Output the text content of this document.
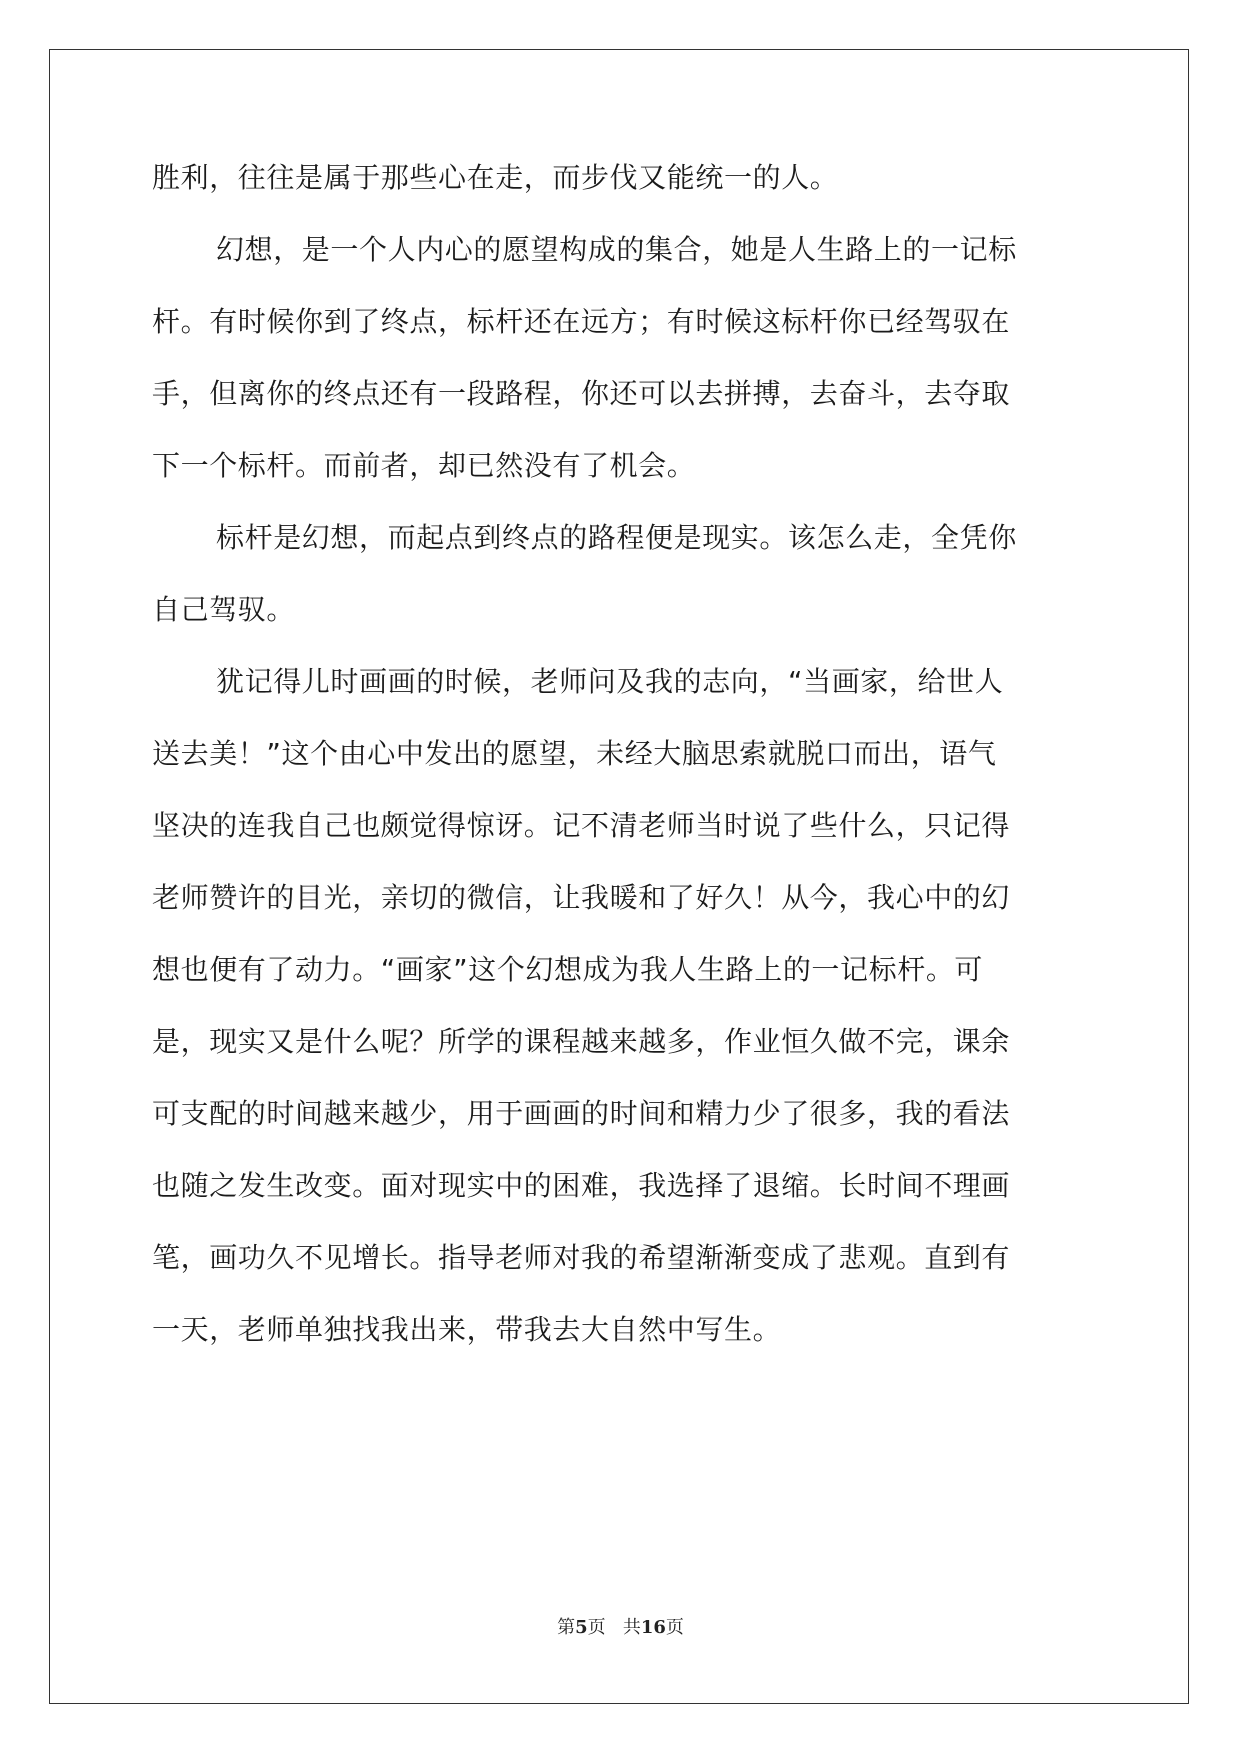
胜利，往往是属于那些心在走，而步伐又能统一的人。
幻想，是一个人内心的愿望构成的集合，她是人生路上的一记标
杆。有时候你到了终点，标杆还在远方；有时候这标杆你已经驾驭在
手，但离你的终点还有一段路程，你还可以去拼搏，去奋斗，去夺取
下一个标杆。而前者，却已然没有了机会。
标杆是幻想，而起点到终点的路程便是现实。该怎么走，全凭你
自己驾驭。
犹记得儿时画画的时候，老师问及我的志向，“当画家，给世人
送去美！”这个由心中发出的愿望，未经大脑思索就脱口而出，语气
坚决的连我自己也颇觉得惊讶。记不清老师当时说了些什么，只记得
老师赞许的目光，亲切的微信，让我暖和了好久！从今，我心中的幻
想也便有了动力。“画家”这个幻想成为我人生路上的一记标杆。可
是，现实又是什么呢？所学的课程越来越多，作业恒久做不完，课余
可支配的时间越来越少，用于画画的时间和精力少了很多，我的看法
也随之发生改变。面对现实中的困难，我选择了退缩。长时间不理画
笔，画功久不见增长。指导老师对我的希望渐渐变成了悲观。直到有
一天，老师单独找我出来，带我去大自然中写生。
第5页 共16页
